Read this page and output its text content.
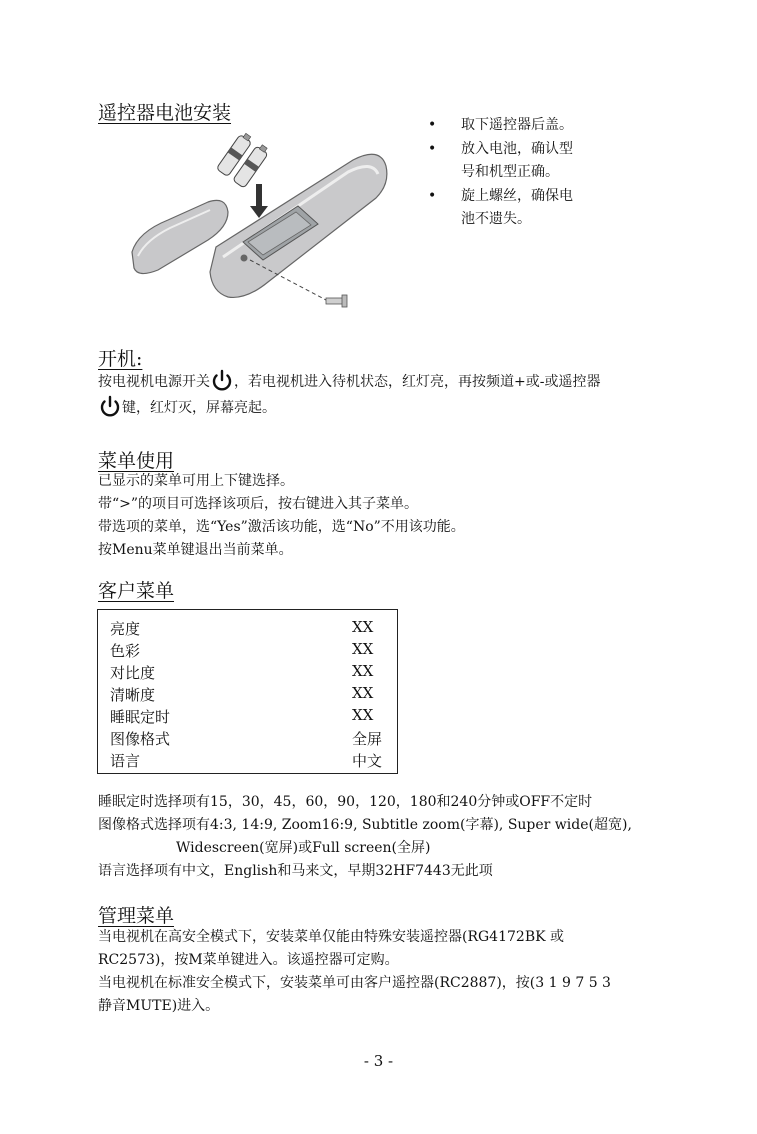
遥控器电池安装
• 取下遥控器后盖。
• 放入电池，确认型
号和机型正确。
• 旋上螺丝，确保电
池不遗失。
开机:
按电视机电源开关 ，若电视机进入待机状态，红灯亮，再按频道+或-或遥控器
键，红灯灭，屏幕亮起。
菜单使用
已显示的菜单可用上下键选择。
带“>”的项目可选择该项后，按右键进入其子菜单。
带选项的菜单，选“Yes”激活该功能，选“No”不用该功能。
按Menu菜单键退出当前菜单。
客户菜单
亮度	XX
色彩	XX
对比度	XX
清晰度	XX
睡眠定时	XX
图像格式	全屏
语言	中文
睡眠定时选择项有15，30，45，60，90，120，180和240分钟或OFF不定时
图像格式选择项有4:3, 14:9, Zoom16:9, Subtitle zoom(字幕), Super wide(超宽),
Widescreen(宽屏)或Full screen(全屏)
语言选择项有中文，English和马来文，早期32HF7443无此项
管理菜单
当电视机在高安全模式下，安装菜单仅能由特殊安装遥控器(RG4172BK 或
RC2573)，按M菜单键进入。该遥控器可定购。
当电视机在标准安全模式下，安装菜单可由客户遥控器(RC2887)，按(3 1 9 7 5 3
静音MUTE)进入。
- 3 -
